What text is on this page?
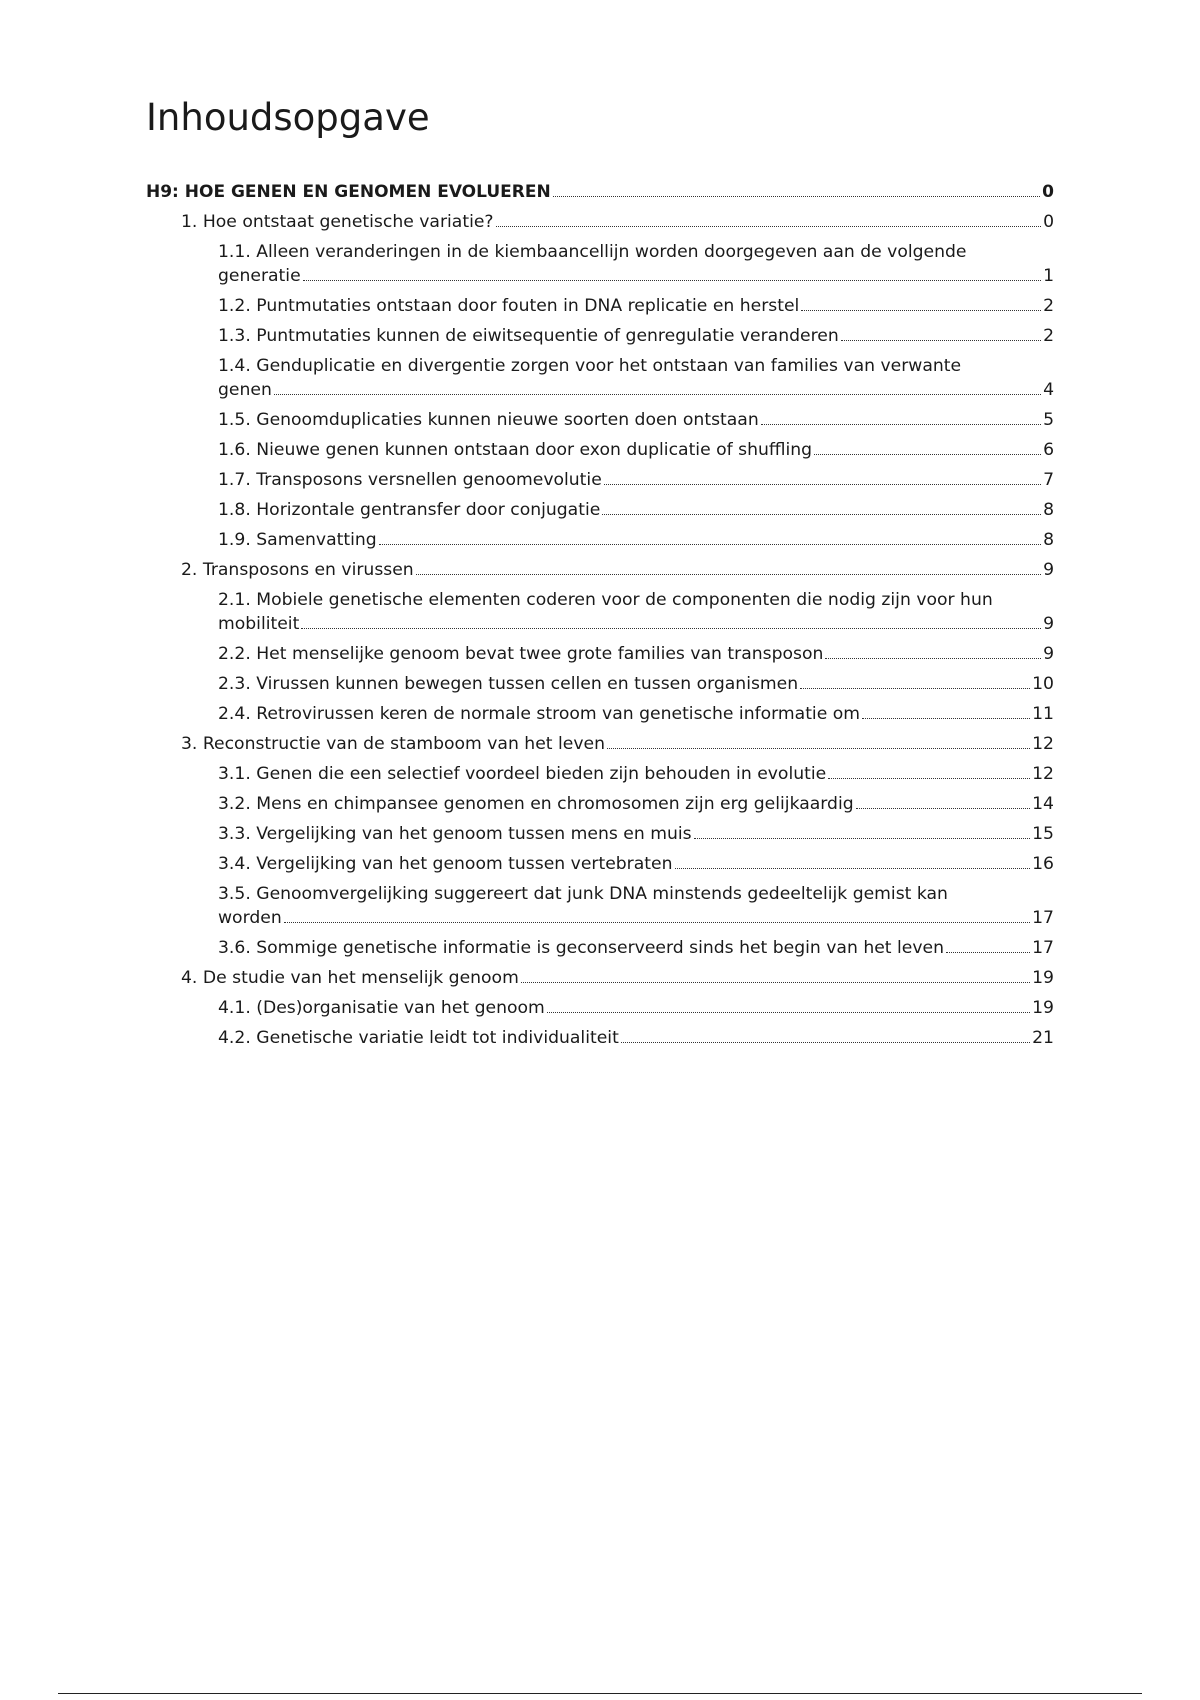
Inhoudsopgave
H9: HOE GENEN EN GENOMEN EVOLUEREN	0
1. Hoe ontstaat genetische variatie?	0
1.1. Alleen veranderingen in de kiembaancellijn worden doorgegeven aan de volgende
generatie	1
1.2. Puntmutaties ontstaan door fouten in DNA replicatie en herstel	2
1.3. Puntmutaties kunnen de eiwitsequentie of genregulatie veranderen	2
1.4. Genduplicatie en divergentie zorgen voor het ontstaan van families van verwante
genen	4
1.5. Genoomduplicaties kunnen nieuwe soorten doen ontstaan	5
1.6. Nieuwe genen kunnen ontstaan door exon duplicatie of shuffling	6
1.7. Transposons versnellen genoomevolutie	7
1.8. Horizontale gentransfer door conjugatie	8
1.9. Samenvatting	8
2. Transposons en virussen	9
2.1. Mobiele genetische elementen coderen voor de componenten die nodig zijn voor hun
mobiliteit	9
2.2. Het menselijke genoom bevat twee grote families van transposon	9
2.3. Virussen kunnen bewegen tussen cellen en tussen organismen	10
2.4. Retrovirussen keren de normale stroom van genetische informatie om	11
3. Reconstructie van de stamboom van het leven	12
3.1. Genen die een selectief voordeel bieden zijn behouden in evolutie	12
3.2. Mens en chimpansee genomen en chromosomen zijn erg gelijkaardig	14
3.3. Vergelijking van het genoom tussen mens en muis	15
3.4. Vergelijking van het genoom tussen vertebraten	16
3.5. Genoomvergelijking suggereert dat junk DNA minstends gedeeltelijk gemist kan
worden	17
3.6. Sommige genetische informatie is geconserveerd sinds het begin van het leven	17
4. De studie van het menselijk genoom	19
4.1. (Des)organisatie van het genoom	19
4.2. Genetische variatie leidt tot individualiteit	21
